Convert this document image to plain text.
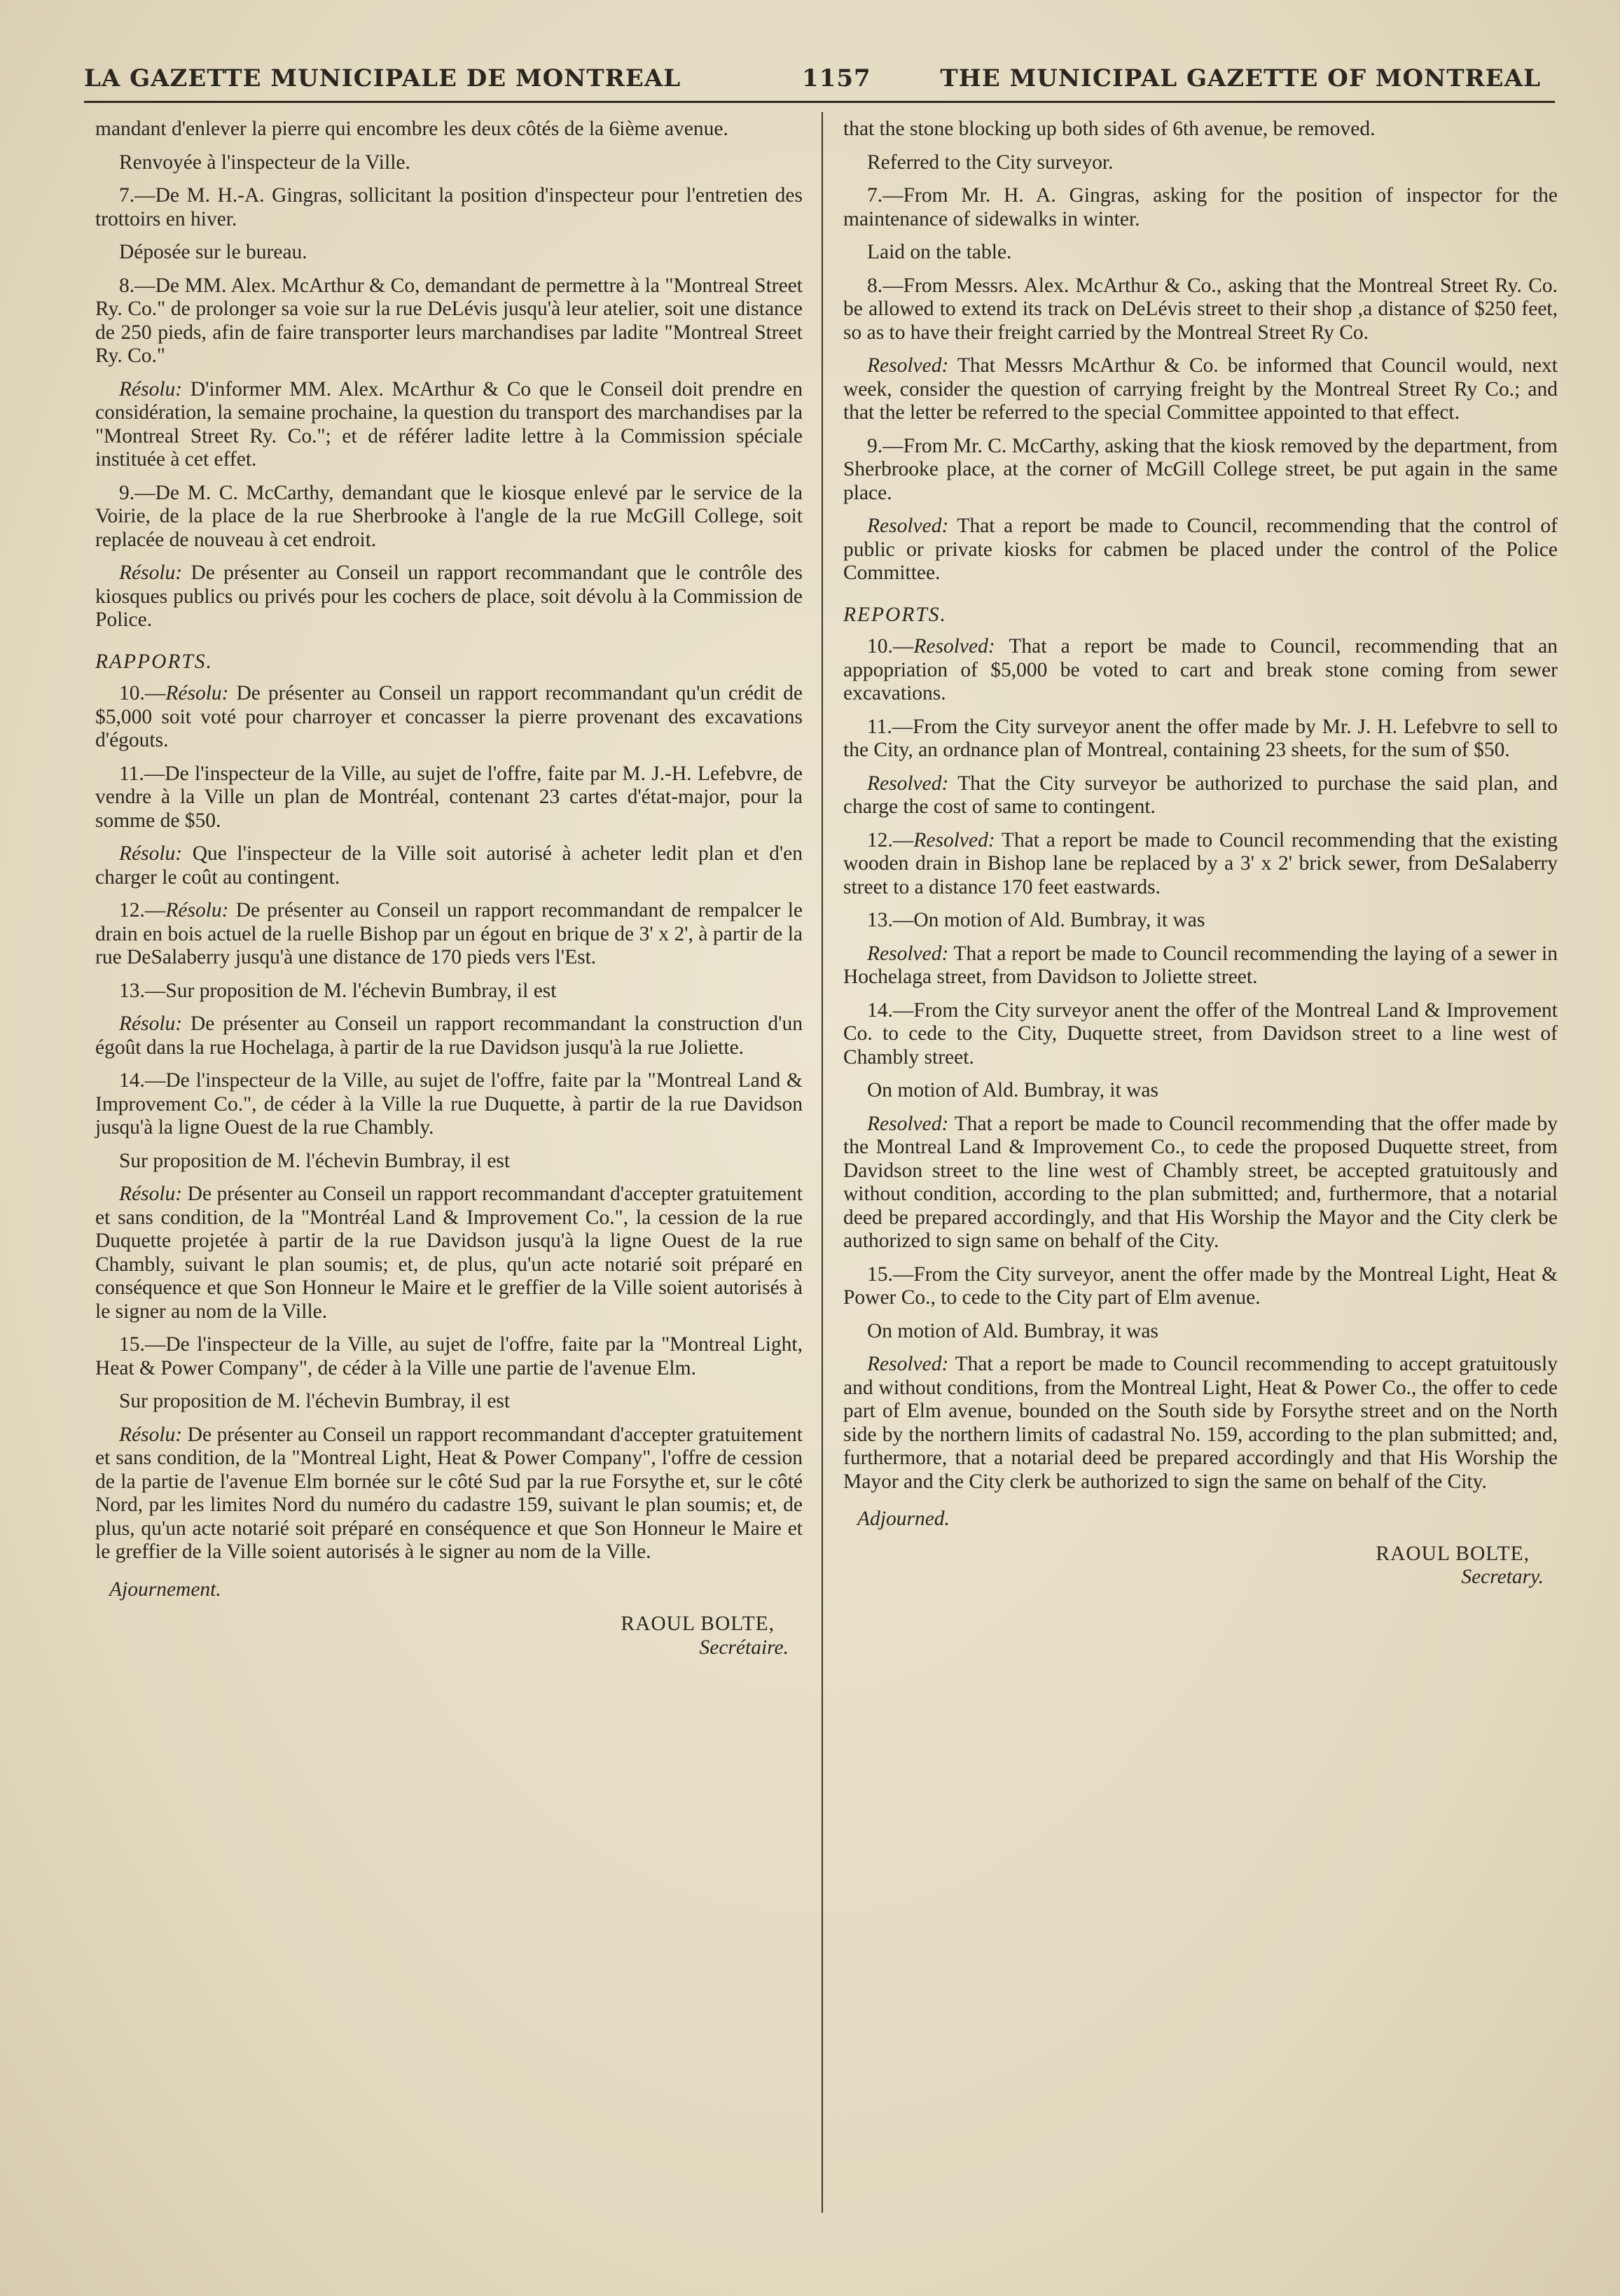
LA GAZETTE MUNICIPALE DE MONTREAL	1157	THE MUNICIPAL GAZETTE OF MONTREAL

mandant d'enlever la pierre qui encombre les deux côtés de la 6ième avenue.

Renvoyée à l'inspecteur de la Ville.

7.—De M. H.-A. Gingras, sollicitant la position d'inspecteur pour l'entretien des trottoirs en hiver.

Déposée sur le bureau.

8.—De MM. Alex. McArthur & Co, demandant de permettre à la "Montreal Street Ry. Co." de prolonger sa voie sur la rue DeLévis jusqu'à leur atelier, soit une distance de 250 pieds, afin de faire transporter leurs marchandises par ladite "Montreal Street Ry. Co."

Résolu: D'informer MM. Alex. McArthur & Co que le Conseil doit prendre en considération, la semaine prochaine, la question du transport des marchandises par la "Montreal Street Ry. Co."; et de référer ladite lettre à la Commission spéciale instituée à cet effet.

9.—De M. C. McCarthy, demandant que le kiosque enlevé par le service de la Voirie, de la place de la rue Sherbrooke à l'angle de la rue McGill College, soit replacée de nouveau à cet endroit.

Résolu: De présenter au Conseil un rapport recommandant que le contrôle des kiosques publics ou privés pour les cochers de place, soit dévolu à la Commission de Police.

RAPPORTS.

10.—Résolu: De présenter au Conseil un rapport recommandant qu'un crédit de $5,000 soit voté pour charroyer et concasser la pierre provenant des excavations d'égouts.

11.—De l'inspecteur de la Ville, au sujet de l'offre, faite par M. J.-H. Lefebvre, de vendre à la Ville un plan de Montréal, contenant 23 cartes d'état-major, pour la somme de $50.

Résolu: Que l'inspecteur de la Ville soit autorisé à acheter ledit plan et d'en charger le coût au contingent.

12.—Résolu: De présenter au Conseil un rapport recommandant de rempalcer le drain en bois actuel de la ruelle Bishop par un égout en brique de 3' x 2', à partir de la rue DeSalaberry jusqu'à une distance de 170 pieds vers l'Est.

13.—Sur proposition de M. l'échevin Bumbray, il est

Résolu: De présenter au Conseil un rapport recommandant la construction d'un égoût dans la rue Hochelaga, à partir de la rue Davidson jusqu'à la rue Joliette.

14.—De l'inspecteur de la Ville, au sujet de l'offre, faite par la "Montreal Land & Improvement Co.", de céder à la Ville la rue Duquette, à partir de la rue Davidson jusqu'à la ligne Ouest de la rue Chambly.

Sur proposition de M. l'échevin Bumbray, il est

Résolu: De présenter au Conseil un rapport recommandant d'accepter gratuitement et sans condition, de la "Montréal Land & Improvement Co.", la cession de la rue Duquette projetée à partir de la rue Davidson jusqu'à la ligne Ouest de la rue Chambly, suivant le plan soumis; et, de plus, qu'un acte notarié soit préparé en conséquence et que Son Honneur le Maire et le greffier de la Ville soient autorisés à le signer au nom de la Ville.

15.—De l'inspecteur de la Ville, au sujet de l'offre, faite par la "Montreal Light, Heat & Power Company", de céder à la Ville une partie de l'avenue Elm.

Sur proposition de M. l'échevin Bumbray, il est

Résolu: De présenter au Conseil un rapport recommandant d'accepter gratuitement et sans condition, de la "Montreal Light, Heat & Power Company", l'offre de cession de la partie de l'avenue Elm bornée sur le côté Sud par la rue Forsythe et, sur le côté Nord, par les limites Nord du numéro du cadastre 159, suivant le plan soumis; et, de plus, qu'un acte notarié soit préparé en conséquence et que Son Honneur le Maire et le greffier de la Ville soient autorisés à le signer au nom de la Ville.

Ajournement.

RAOUL BOLTE,

Secrétaire.

that the stone blocking up both sides of 6th avenue, be removed.

Referred to the City surveyor.

7.—From Mr. H. A. Gingras, asking for the position of inspector for the maintenance of sidewalks in winter.

Laid on the table.

8.—From Messrs. Alex. McArthur & Co., asking that the Montreal Street Ry. Co. be allowed to extend its track on DeLévis street to their shop ,a distance of $250 feet, so as to have their freight carried by the Montreal Street Ry Co.

Resolved: That Messrs McArthur & Co. be informed that Council would, next week, consider the question of carrying freight by the Montreal Street Ry Co.; and that the letter be referred to the special Committee appointed to that effect.

9.—From Mr. C. McCarthy, asking that the kiosk removed by the department, from Sherbrooke place, at the corner of McGill College street, be put again in the same place.

Resolved: That a report be made to Council, recommending that the control of public or private kiosks for cabmen be placed under the control of the Police Committee.

REPORTS.

10.—Resolved: That a report be made to Council, recommending that an appopriation of $5,000 be voted to cart and break stone coming from sewer excavations.

11.—From the City surveyor anent the offer made by Mr. J. H. Lefebvre to sell to the City, an ordnance plan of Montreal, containing 23 sheets, for the sum of $50.

Resolved: That the City surveyor be authorized to purchase the said plan, and charge the cost of same to contingent.

12.—Resolved: That a report be made to Council recommending that the existing wooden drain in Bishop lane be replaced by a 3' x 2' brick sewer, from DeSalaberry street to a distance 170 feet eastwards.

13.—On motion of Ald. Bumbray, it was

Resolved: That a report be made to Council recommending the laying of a sewer in Hochelaga street, from Davidson to Joliette street.

14.—From the City surveyor anent the offer of the Montreal Land & Improvement Co. to cede to the City, Duquette street, from Davidson street to a line west of Chambly street.

On motion of Ald. Bumbray, it was

Resolved: That a report be made to Council recommending that the offer made by the Montreal Land & Improvement Co., to cede the proposed Duquette street, from Davidson street to the line west of Chambly street, be accepted gratuitously and without condition, according to the plan submitted; and, furthermore, that a notarial deed be prepared accordingly, and that His Worship the Mayor and the City clerk be authorized to sign same on behalf of the City.

15.—From the City surveyor, anent the offer made by the Montreal Light, Heat & Power Co., to cede to the City part of Elm avenue.

On motion of Ald. Bumbray, it was

Resolved: That a report be made to Council recommending to accept gratuitously and without conditions, from the Montreal Light, Heat & Power Co., the offer to cede part of Elm avenue, bounded on the South side by Forsythe street and on the North side by the northern limits of cadastral No. 159, according to the plan submitted; and, furthermore, that a notarial deed be prepared accordingly and that His Worship the Mayor and the City clerk be authorized to sign the same on behalf of the City.

Adjourned.

RAOUL BOLTE,

Secretary.
